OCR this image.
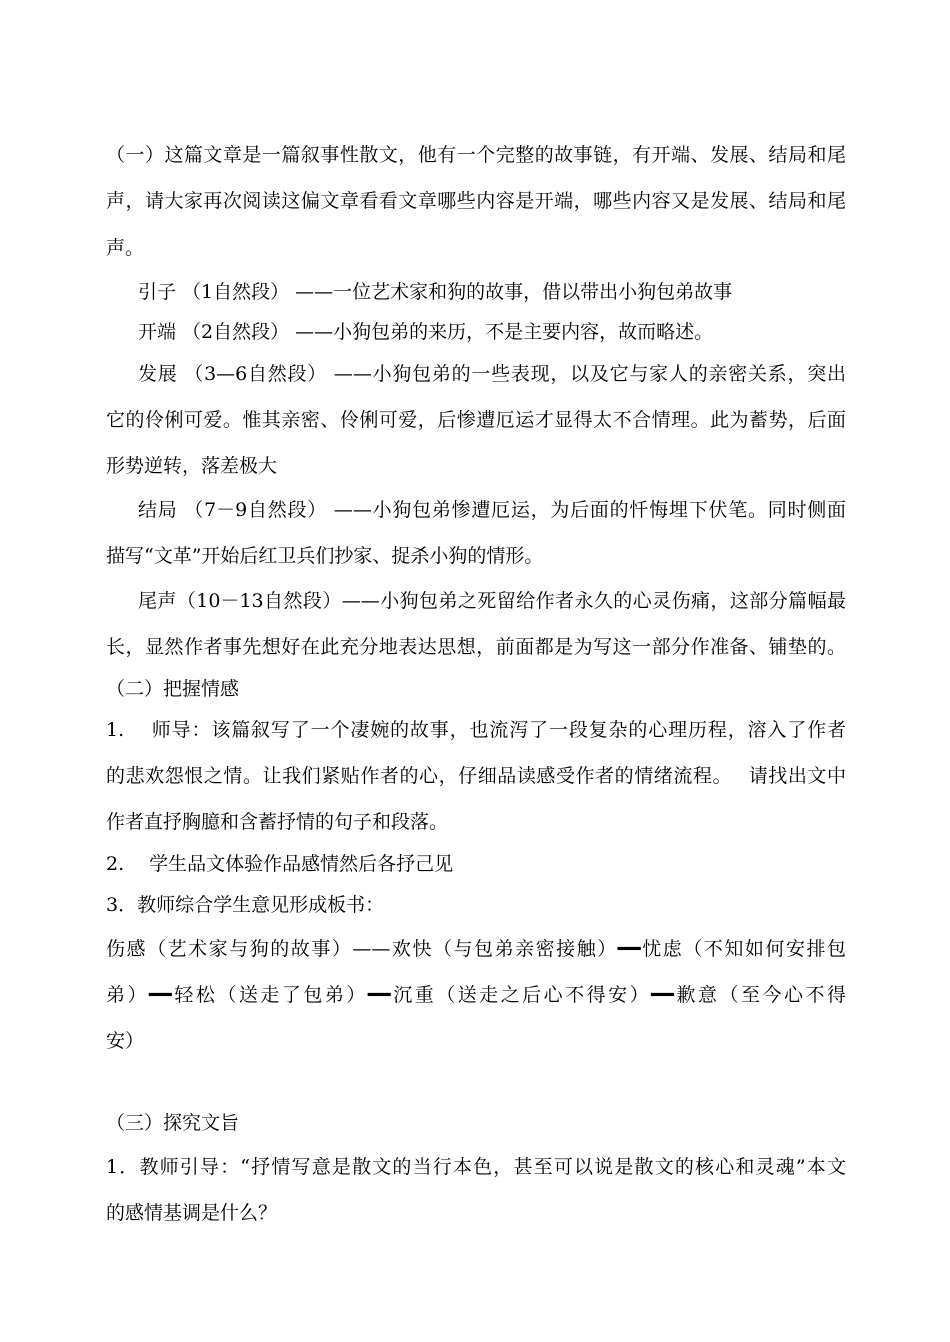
（一）这篇文章是一篇叙事性散文，他有一个完整的故事链，有开端、发展、结局和尾
声，请大家再次阅读这偏文章看看文章哪些内容是开端，哪些内容又是发展、结局和尾
声。
引子 （1自然段） ——一位艺术家和狗的故事，借以带出小狗包弟故事
开端 （2自然段） ——小狗包弟的来历，不是主要内容，故而略述。
发展 （3—6自然段） ——小狗包弟的一些表现，以及它与家人的亲密关系，突出
它的伶俐可爱。惟其亲密、伶俐可爱，后惨遭厄运才显得太不合情理。此为蓄势，后面
形势逆转，落差极大
结局 （7－9自然段） ——小狗包弟惨遭厄运，为后面的忏悔埋下伏笔。同时侧面
描写“文革”开始后红卫兵们抄家、捉杀小狗的情形。
尾声（10－13自然段）——小狗包弟之死留给作者永久的心灵伤痛，这部分篇幅最
长，显然作者事先想好在此充分地表达思想，前面都是为写这一部分作准备、铺垫的。
（二）把握情感
1.　 师导：该篇叙写了一个凄婉的故事，也流泻了一段复杂的心理历程，溶入了作者
的悲欢怨恨之情。让我们紧贴作者的心，仔细品读感受作者的情绪流程。　 请找出文中
作者直抒胸臆和含蓄抒情的句子和段落。
2.　 学生品文体验作品感情然后各抒己见
3．教师综合学生意见形成板书：
伤感（艺术家与狗的故事）——欢快（与包弟亲密接触）━━忧虑（不知如何安排包
弟）━━轻松（送走了包弟）━━沉重（送走之后心不得安）━━歉意（至今心不得
安）
（三）探究文旨
1．教师引导：“抒情写意是散文的当行本色，甚至可以说是散文的核心和灵魂”本文
的感情基调是什么？
